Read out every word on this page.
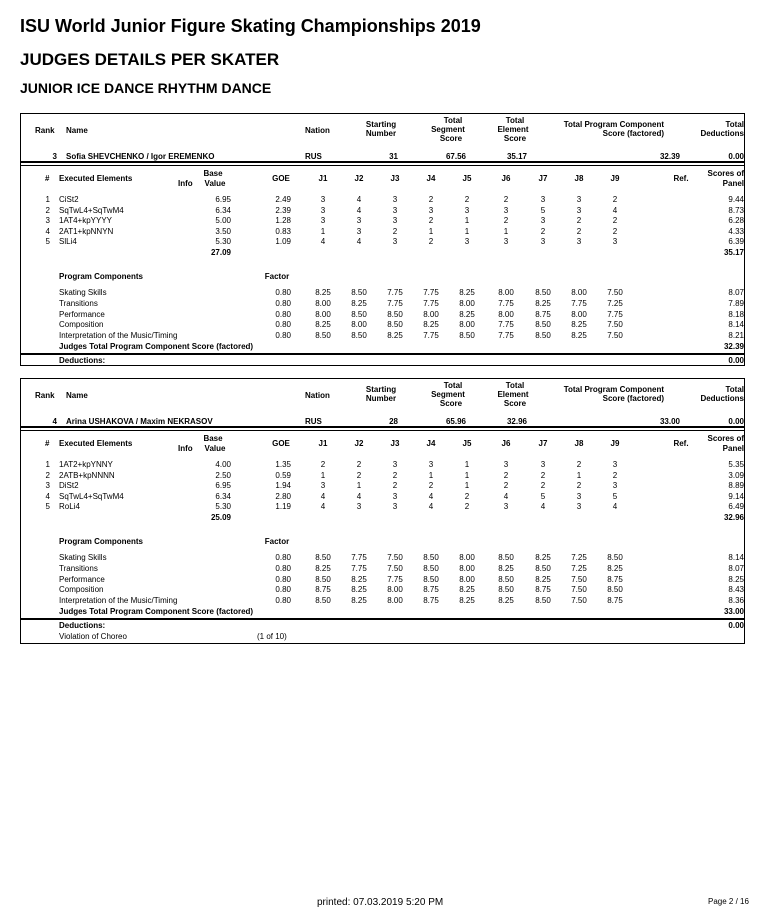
ISU World Junior Figure Skating Championships 2019
JUDGES DETAILS PER SKATER
JUNIOR ICE DANCE RHYTHM DANCE
Rank Name	Nation
Starting
Number
Total
Segment
Score
Total
Element
Score
Total Program Component
Score (factored)
Total
Deductions
3 Sofia SHEVCHENKO / Igor EREMENKO	RUS	31	67.56	35.17	32.39	0.00
# Executed Elements
Info
Base
Value
GOE	J1	J2	J3	J4	J5	J6	J7	J8	J9	Ref.
Scores of
Panel
1 CiSt2	6.95	2.49	3	4	3	2	2	2	3	3	2	9.44
2 SqTwL4+SqTwM4	6.34	2.39	3	4	3	3	3	3	5	3	4	8.73
3 1AT4+kpYYYY	5.00	1.28	3	3	3	2	1	2	3	2	2	6.28
4 2AT1+kpNNYN	3.50	0.83	1	3	2	1	1	1	2	2	2	4.33
5 SlLi4	5.30	1.09	4	4	3	2	3	3	3	3	3	6.39
27.09	35.17
Program Components	Factor
Skating Skills	0.80	8.25	8.50	7.75	7.75	8.25	8.00	8.50	8.00	7.50	8.07
Transitions	0.80	8.00	8.25	7.75	7.75	8.00	7.75	8.25	7.75	7.25	7.89
Performance	0.80	8.00	8.50	8.50	8.00	8.25	8.00	8.75	8.00	7.75	8.18
Composition	0.80	8.25	8.00	8.50	8.25	8.00	7.75	8.50	8.25	7.50	8.14
Interpretation of the Music/Timing	0.80	8.50	8.50	8.25	7.75	8.50	7.75	8.50	8.25	7.50	8.21
Judges Total Program Component Score (factored)	32.39
Deductions:	0.00
Rank Name	Nation
Starting
Number
Total
Segment
Score
Total
Element
Score
Total Program Component
Score (factored)
Total
Deductions
4 Arina USHAKOVA / Maxim NEKRASOV	RUS	28	65.96	32.96	33.00	0.00
# Executed Elements
Info
Base
Value
GOE	J1	J2	J3	J4	J5	J6	J7	J8	J9	Ref.
Scores of
Panel
1 1AT2+kpYNNY	4.00	1.35	2	2	3	3	1	3	3	2	3	5.35
2 2ATB+kpNNNN	2.50	0.59	1	2	2	1	1	2	2	1	2	3.09
3 DiSt2	6.95	1.94	3	1	2	2	1	2	2	2	3	8.89
4 SqTwL4+SqTwM4	6.34	2.80	4	4	3	4	2	4	5	3	5	9.14
5 RoLi4	5.30	1.19	4	3	3	4	2	3	4	3	4	6.49
25.09	32.96
Program Components	Factor
Skating Skills	0.80	8.50	7.75	7.50	8.50	8.00	8.50	8.25	7.25	8.50	8.14
Transitions	0.80	8.25	7.75	7.50	8.50	8.00	8.25	8.50	7.25	8.25	8.07
Performance	0.80	8.50	8.25	7.75	8.50	8.00	8.50	8.25	7.50	8.75	8.25
Composition	0.80	8.75	8.25	8.00	8.75	8.25	8.50	8.75	7.50	8.50	8.43
Interpretation of the Music/Timing	0.80	8.50	8.25	8.00	8.75	8.25	8.25	8.50	7.50	8.75	8.36
Judges Total Program Component Score (factored)	33.00
Deductions:	0.00
Violation of Choreo	(1 of 10)
printed: 07.03.2019 5:20 PM	Page 2 / 16
